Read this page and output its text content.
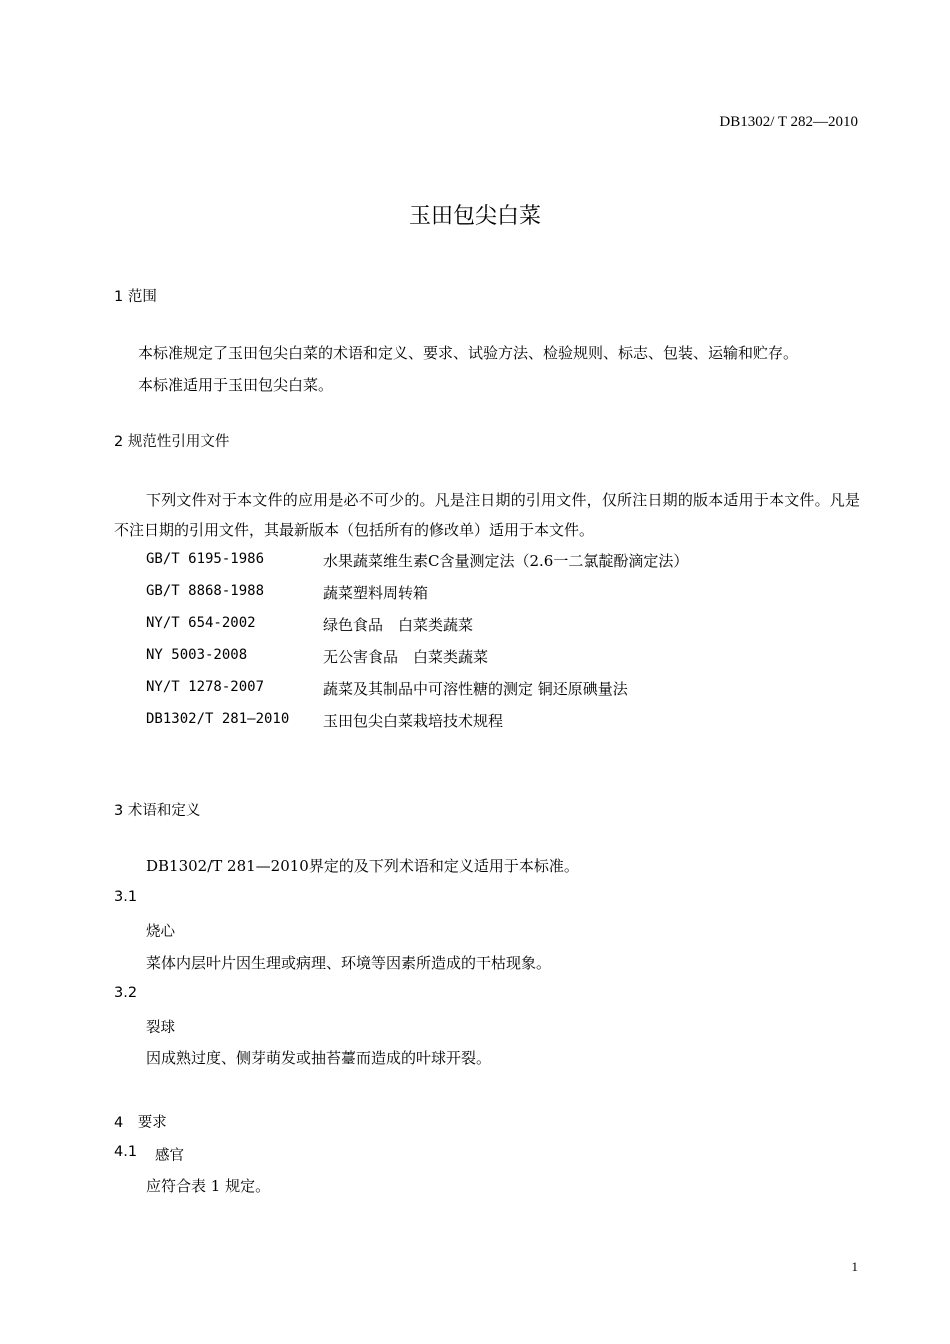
DB1302/ T 282—2010
玉田包尖白菜
1 范围
本标准规定了玉田包尖白菜的术语和定义、要求、试验方法、检验规则、标志、包装、运输和贮存。
本标准适用于玉田包尖白菜。
2 规范性引用文件
下列文件对于本文件的应用是必不可少的。凡是注日期的引用文件，仅所注日期的版本适用于本文件。凡是不注日期的引用文件，其最新版本（包括所有的修改单）适用于本文件。
GB/T 6195-1986	水果蔬菜维生素C含量测定法（2.6一二氯靛酚滴定法）
GB/T 8868-1988	蔬菜塑料周转箱
NY/T 654-2002	绿色食品　白菜类蔬菜
NY 5003-2008	无公害食品　白菜类蔬菜
NY/T 1278-2007	蔬菜及其制品中可溶性糖的测定 铜还原碘量法
DB1302/T 281—2010 玉田包尖白菜栽培技术规程
3 术语和定义
DB1302/T 281—2010界定的及下列术语和定义适用于本标准。
3.1
烧心
菜体内层叶片因生理或病理、环境等因素所造成的干枯现象。
3.2
裂球
因成熟过度、侧芽萌发或抽苔薹而造成的叶球开裂。
4　要求
4.1 感官
应符合表 1 规定。
1
